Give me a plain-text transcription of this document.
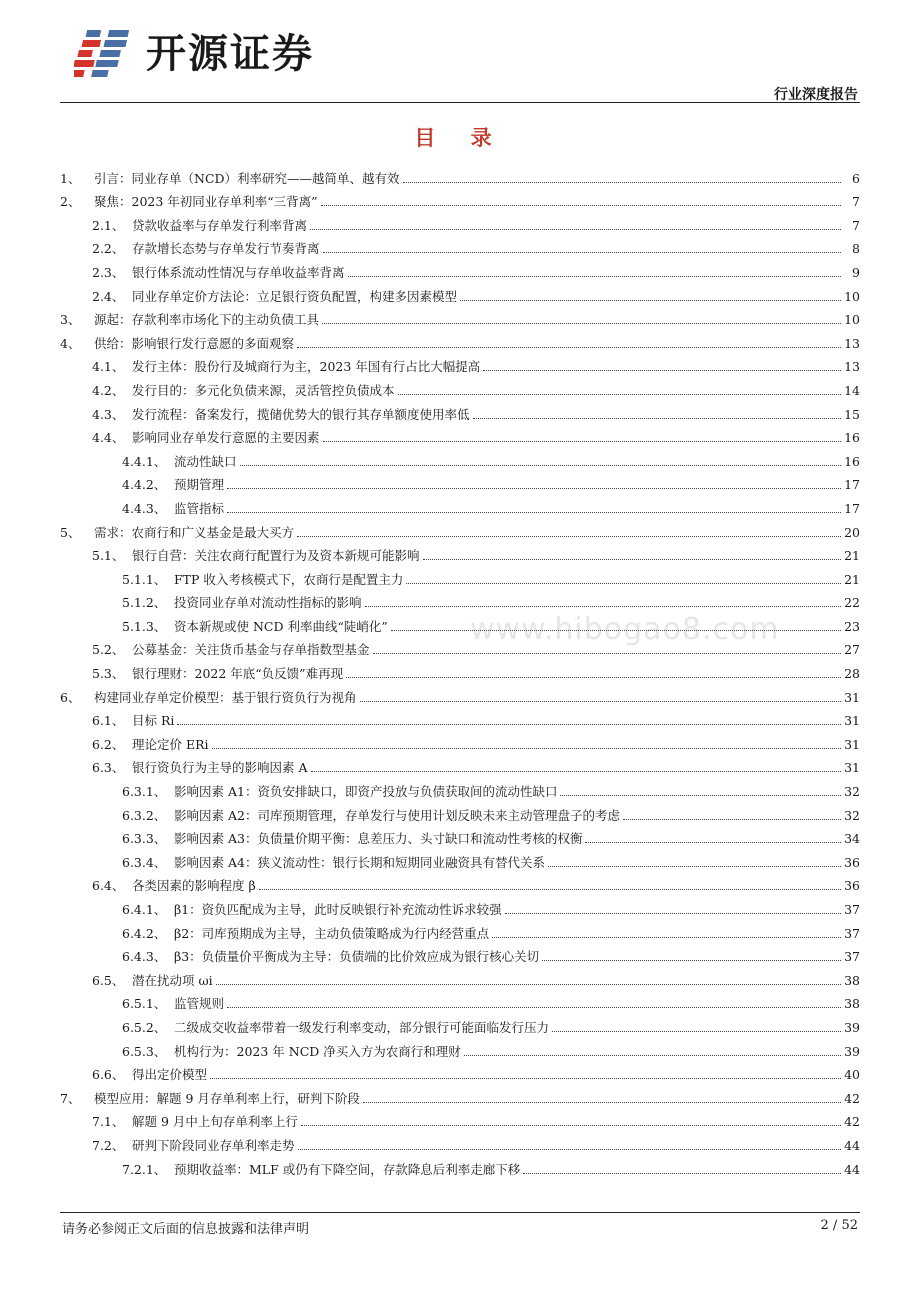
开源证券
行业深度报告
目 录
www.hibogao8.com
1、	引言：同业存单（NCD）利率研究——越简单、越有效	6
2、	聚焦：2023 年初同业存单利率“三背离”	7
2.1、 贷款收益率与存单发行利率背离	7
2.2、 存款增长态势与存单发行节奏背离	8
2.3、 银行体系流动性情况与存单收益率背离	9
2.4、 同业存单定价方法论：立足银行资负配置，构建多因素模型	10
3、	源起：存款利率市场化下的主动负债工具	10
4、	供给：影响银行发行意愿的多面观察	13
4.1、 发行主体：股份行及城商行为主，2023 年国有行占比大幅提高	13
4.2、 发行目的：多元化负债来源，灵活管控负债成本	14
4.3、 发行流程：备案发行，揽储优势大的银行其存单额度使用率低	15
4.4、 影响同业存单发行意愿的主要因素	16
4.4.1、 流动性缺口	16
4.4.2、 预期管理	17
4.4.3、 监管指标	17
5、	需求：农商行和广义基金是最大买方	20
5.1、 银行自营：关注农商行配置行为及资本新规可能影响	21
5.1.1、 FTP 收入考核模式下，农商行是配置主力	21
5.1.2、 投资同业存单对流动性指标的影响	22
5.1.3、 资本新规或使 NCD 利率曲线“陡峭化”	23
5.2、 公募基金：关注货币基金与存单指数型基金	27
5.3、 银行理财：2022 年底“负反馈”难再现	28
6、	构建同业存单定价模型：基于银行资负行为视角	31
6.1、 目标 Ri	31
6.2、 理论定价 ERi	31
6.3、 银行资负行为主导的影响因素 A	31
6.3.1、 影响因素 A1：资负安排缺口，即资产投放与负债获取间的流动性缺口	32
6.3.2、 影响因素 A2：司库预期管理，存单发行与使用计划反映未来主动管理盘子的考虑	32
6.3.3、 影响因素 A3：负债量价期平衡：息差压力、头寸缺口和流动性考核的权衡	34
6.3.4、 影响因素 A4：狭义流动性：银行长期和短期同业融资具有替代关系	36
6.4、 各类因素的影响程度 β	36
6.4.1、 β1：资负匹配成为主导，此时反映银行补充流动性诉求较强	37
6.4.2、 β2：司库预期成为主导，主动负债策略成为行内经营重点	37
6.4.3、 β3：负债量价平衡成为主导：负债端的比价效应成为银行核心关切	37
6.5、 潜在扰动项 ωi	38
6.5.1、 监管规则	38
6.5.2、 二级成交收益率带着一级发行利率变动，部分银行可能面临发行压力	39
6.5.3、 机构行为：2023 年 NCD 净买入方为农商行和理财	39
6.6、 得出定价模型	40
7、	模型应用：解题 9 月存单利率上行，研判下阶段	42
7.1、 解题 9 月中上旬存单利率上行	42
7.2、 研判下阶段同业存单利率走势	44
7.2.1、 预期收益率：MLF 或仍有下降空间，存款降息后利率走廊下移	44
请务必参阅正文后面的信息披露和法律声明	2 / 52
